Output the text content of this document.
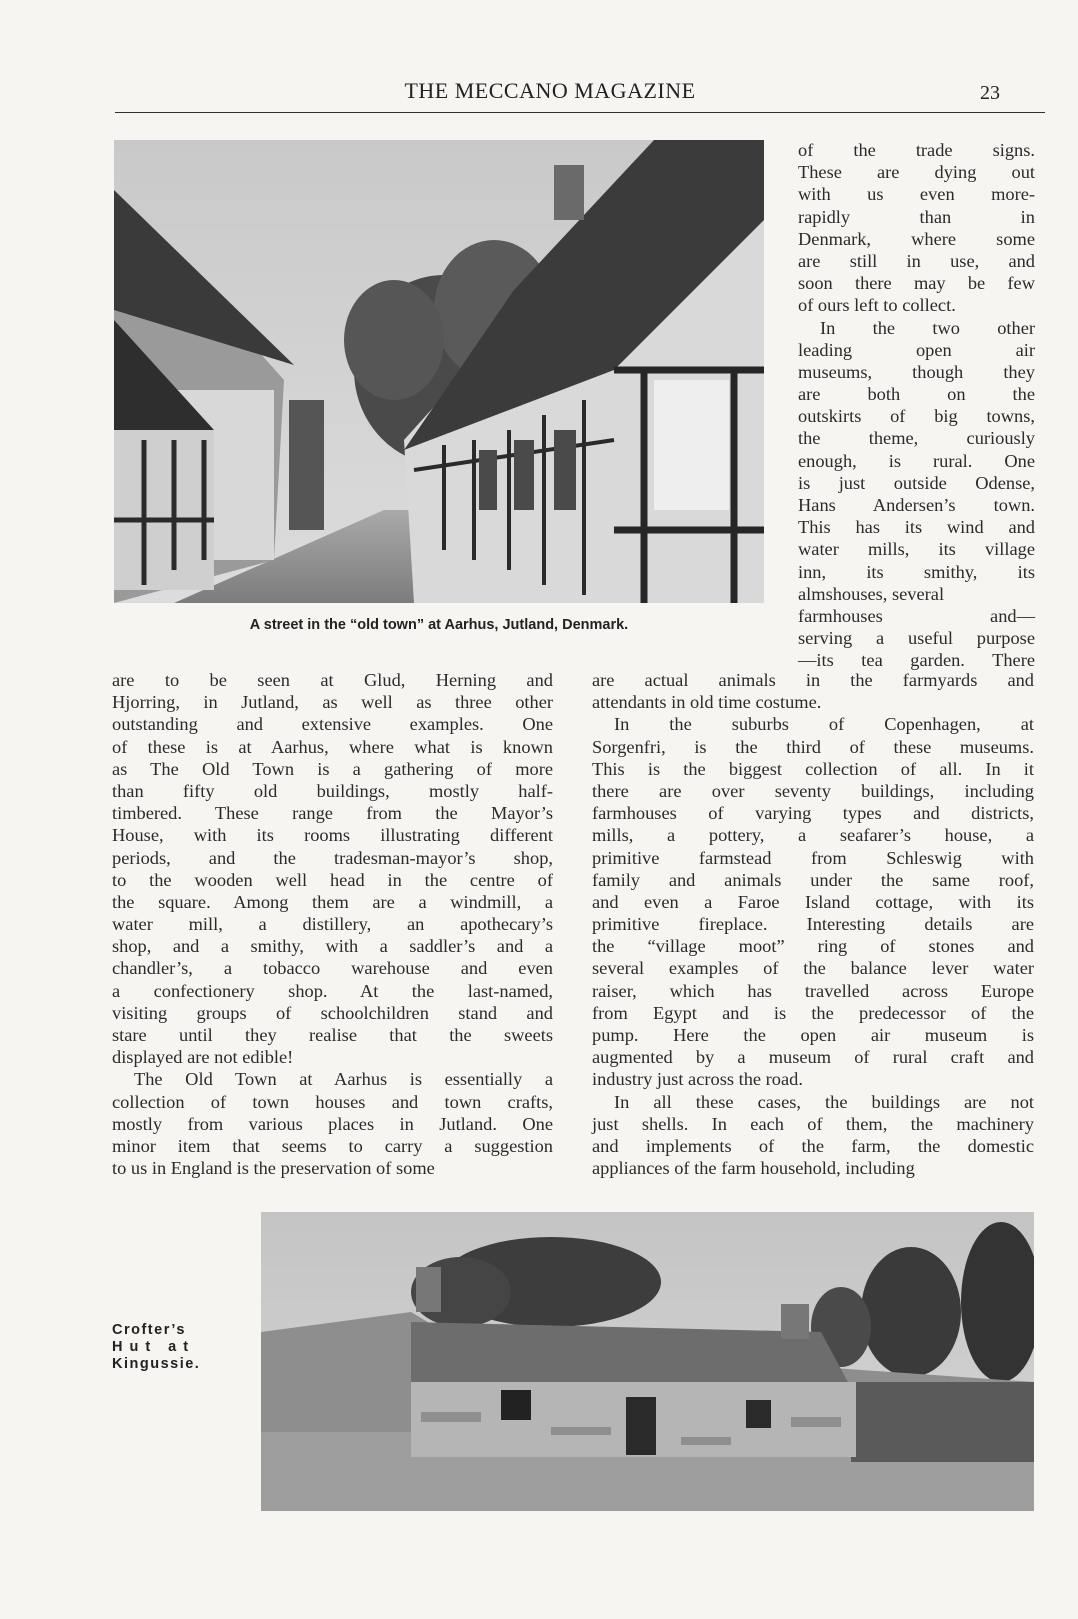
THE MECCANO MAGAZINE	23
A street in the “old town” at Aarhus, Jutland, Denmark.
of the trade signs.
These are dying out
with us even more-
rapidly than in
Denmark, where some
are still in use, and
soon there may be few
of ours left to collect.
In the two other
leading open air
museums, though they
are both on the
outskirts of big towns,
the theme, curiously
enough, is rural. One
is just outside Odense,
Hans Andersen’s town.
This has its wind and
water mills, its village
inn, its smithy, its
almshouses, several
farmhouses and—
serving a useful purpose
—its tea garden. There
are to be seen at Glud, Herning and
Hjorring, in Jutland, as well as three other
outstanding and extensive examples. One
of these is at Aarhus, where what is known
as The Old Town is a gathering of more
than fifty old buildings, mostly half-
timbered. These range from the Mayor’s
House, with its rooms illustrating different
periods, and the tradesman-mayor’s shop,
to the wooden well head in the centre of
the square. Among them are a windmill, a
water mill, a distillery, an apothecary’s
shop, and a smithy, with a saddler’s and a
chandler’s, a tobacco warehouse and even
a confectionery shop. At the last-named,
visiting groups of schoolchildren stand and
stare until they realise that the sweets
displayed are not edible!
The Old Town at Aarhus is essentially a
collection of town houses and town crafts,
mostly from various places in Jutland. One
minor item that seems to carry a suggestion
to us in England is the preservation of some
are actual animals in the farmyards and
attendants in old time costume.
In the suburbs of Copenhagen, at
Sorgenfri, is the third of these museums.
This is the biggest collection of all. In it
there are over seventy buildings, including
farmhouses of varying types and districts,
mills, a pottery, a seafarer’s house, a
primitive farmstead from Schleswig with
family and animals under the same roof,
and even a Faroe Island cottage, with its
primitive fireplace. Interesting details are
the “village moot” ring of stones and
several examples of the balance lever water
raiser, which has travelled across Europe
from Egypt and is the predecessor of the
pump. Here the open air museum is
augmented by a museum of rural craft and
industry just across the road.
In all these cases, the buildings are not
just shells. In each of them, the machinery
and implements of the farm, the domestic
appliances of the farm household, including
Crofter’s
Hut at
Kingussie.
